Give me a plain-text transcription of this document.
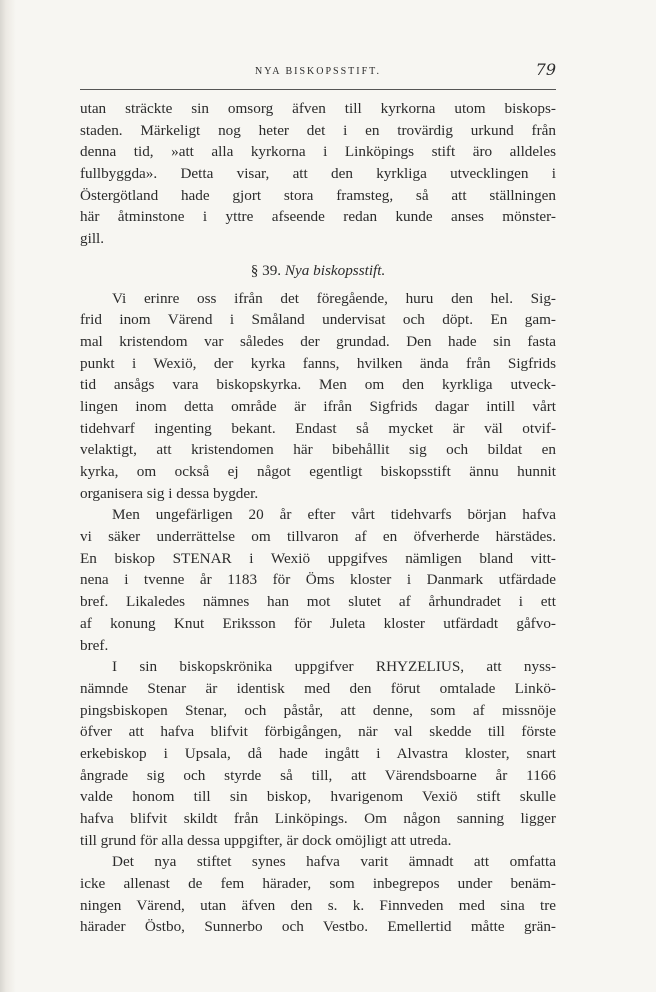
NYA BISKOPSSTIFT.	79
utan sträckte sin omsorg äfven till kyrkorna utom biskops-
staden. Märkeligt nog heter det i en trovärdig urkund från
denna tid, »att alla kyrkorna i Linköpings stift äro alldeles
fullbyggda». Detta visar, att den kyrkliga utvecklingen i
Östergötland hade gjort stora framsteg, så att ställningen
här åtminstone i yttre afseende redan kunde anses mönster-
gill.
§ 39. Nya biskopsstift.
Vi erinre oss ifrån det föregående, huru den hel. Sig-
frid inom Värend i Småland undervisat och döpt. En gam-
mal kristendom var således der grundad. Den hade sin fasta
punkt i Wexiö, der kyrka fanns, hvilken ända från Sigfrids
tid ansågs vara biskopskyrka. Men om den kyrkliga utveck-
lingen inom detta område är ifrån Sigfrids dagar intill vårt
tidehvarf ingenting bekant. Endast så mycket är väl otvif-
velaktigt, att kristendomen här bibehållit sig och bildat en
kyrka, om också ej något egentligt biskopsstift ännu hunnit
organisera sig i dessa bygder.
Men ungefärligen 20 år efter vårt tidehvarfs början hafva
vi säker underrättelse om tillvaron af en öfverherde härstädes.
En biskop STENAR i Wexiö uppgifves nämligen bland vitt-
nena i tvenne år 1183 för Öms kloster i Danmark utfärdade
bref. Likaledes nämnes han mot slutet af århundradet i ett
af konung Knut Eriksson för Juleta kloster utfärdadt gåfvo-
bref.
I sin biskopskrönika uppgifver RHYZELIUS, att nyss-
nämnde Stenar är identisk med den förut omtalade Linkö-
pingsbiskopen Stenar, och påstår, att denne, som af missnöje
öfver att hafva blifvit förbigången, när val skedde till förste
erkebiskop i Upsala, då hade ingått i Alvastra kloster, snart
ångrade sig och styrde så till, att Värendsboarne år 1166
valde honom till sin biskop, hvarigenom Vexiö stift skulle
hafva blifvit skildt från Linköpings. Om någon sanning ligger
till grund för alla dessa uppgifter, är dock omöjligt att utreda.
Det nya stiftet synes hafva varit ämnadt att omfatta
icke allenast de fem härader, som inbegrepos under benäm-
ningen Värend, utan äfven den s. k. Finnveden med sina tre
härader Östbo, Sunnerbo och Vestbo. Emellertid måtte grän-
